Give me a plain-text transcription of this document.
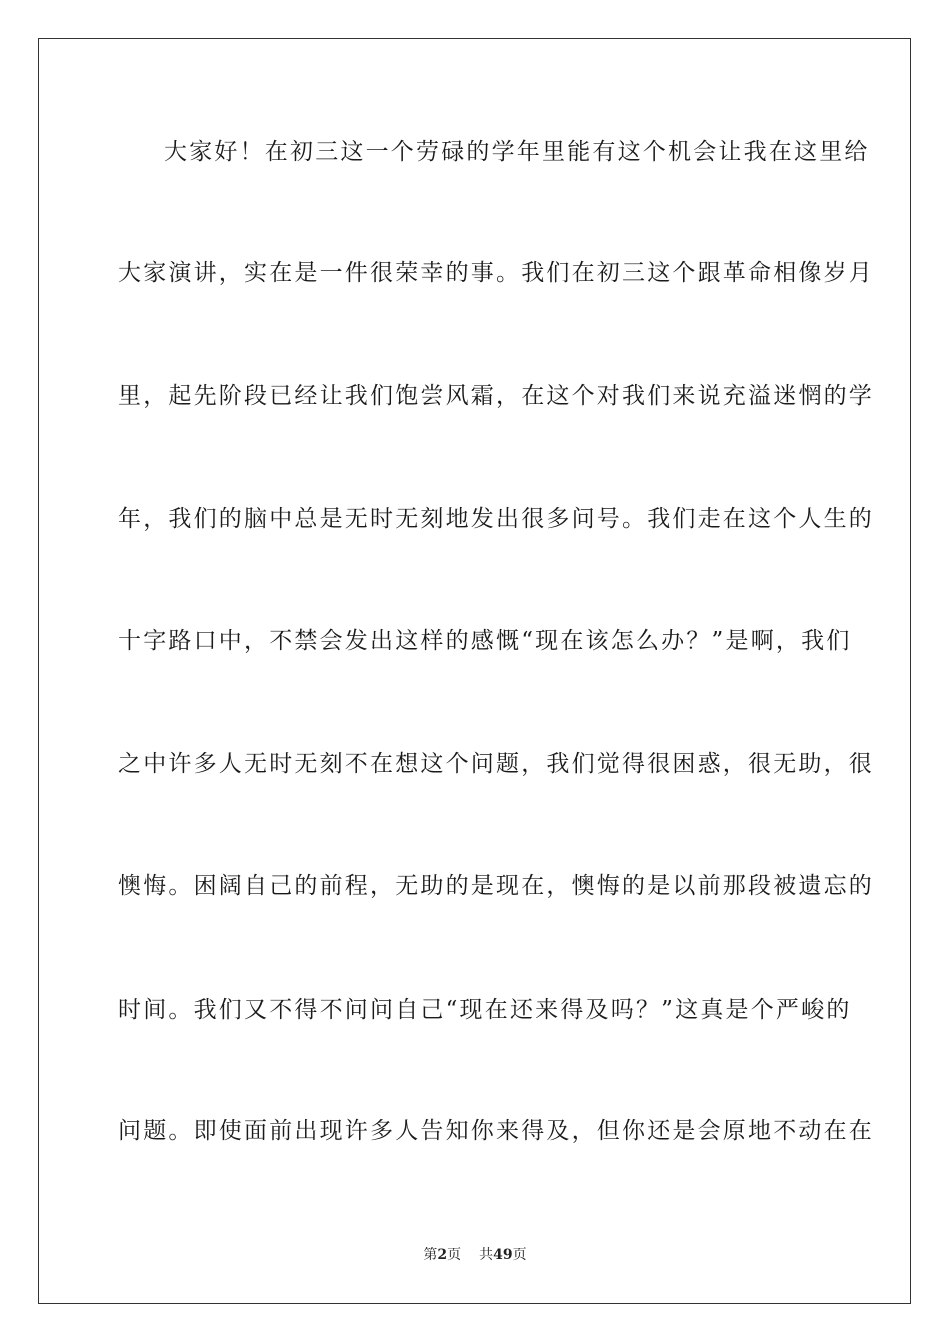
大家好！在初三这一个劳碌的学年里能有这个机会让我在这里给
大家演讲，实在是一件很荣幸的事。我们在初三这个跟革命相像岁月
里，起先阶段已经让我们饱尝风霜，在这个对我们来说充溢迷惘的学
年，我们的脑中总是无时无刻地发出很多问号。我们走在这个人生的
十字路口中，不禁会发出这样的感慨“现在该怎么办？”是啊，我们
之中许多人无时无刻不在想这个问题，我们觉得很困惑，很无助，很
懊悔。困阔自己的前程，无助的是现在，懊悔的是以前那段被遗忘的
时间。我们又不得不问问自己“现在还来得及吗？”这真是个严峻的
问题。即使面前出现许多人告知你来得及，但你还是会原地不动在在
第2页 共49页
